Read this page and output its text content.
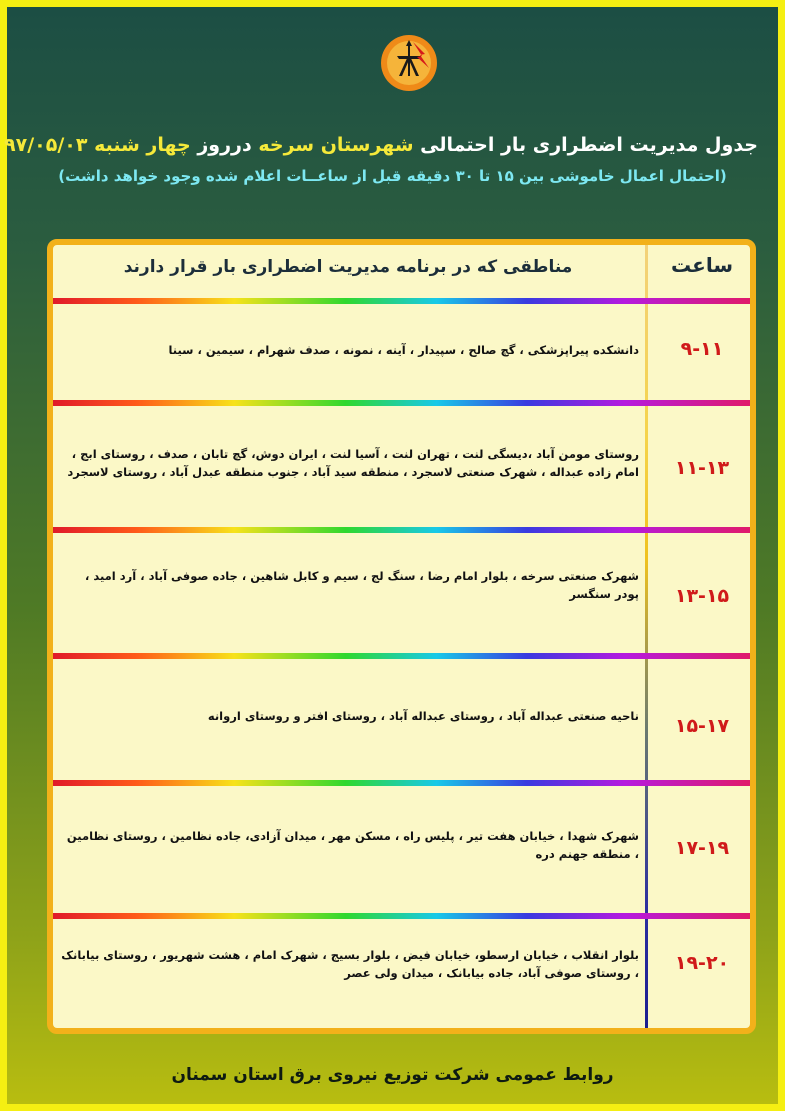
جدول مدیریت اضطراری بار احتمالی شهرستان سرخه درروز چهار شنبه ۹۷/۰۵/۰۳
(احتمال اعمال خاموشی بین ۱۵ تا ۳۰ دقیقه قبل از ساعــات اعلام شده وجود خواهد داشت)
ساعت
مناطقی که در برنامه مدیریت اضطراری بار قرار دارند
۹-۱۱
دانشکده پیراپزشکی ، گچ صالح ، سپیدار ، آینه ، نمونه ، صدف شهرام ، سیمین ، سینا
۱۱-۱۳
روستای مومن آباد ،دیسگی لنت ، تهران لنت ، آسیا لنت ، ایران دوش، گچ تابان ، صدف ، روستای ابج ، امام زاده عبداله ، شهرک صنعتی لاسجرد ، منطقه سید آباد ، جنوب منطقه عبدل آباد ، روستای لاسجرد
۱۳-۱۵
شهرک صنعتی سرخه ، بلوار امام رضا ، سنگ لج ، سیم و کابل شاهین ، جاده صوفی آباد ، آرد امید ، پودر سنگسر
۱۵-۱۷
ناحیه صنعتی عبداله آباد ، روستای عبداله آباد ، روستای افتر و روستای اروانه
۱۷-۱۹
شهرک شهدا ، خیابان هفت تیر ، پلیس راه ، مسکن مهر ، میدان آزادی، جاده نظامین ، روستای نظامین ، منطقه جهنم دره
۱۹-۲۰
بلوار انقلاب ، خیابان ارسطو، خیابان فیض ، بلوار بسیج ، شهرک امام ، هشت شهریور ، روستای بیابانک ، روستای صوفی آباد، جاده بیابانک ، میدان ولی عصر
روابط عمومی شرکت توزیع نیروی برق استان سمنان
